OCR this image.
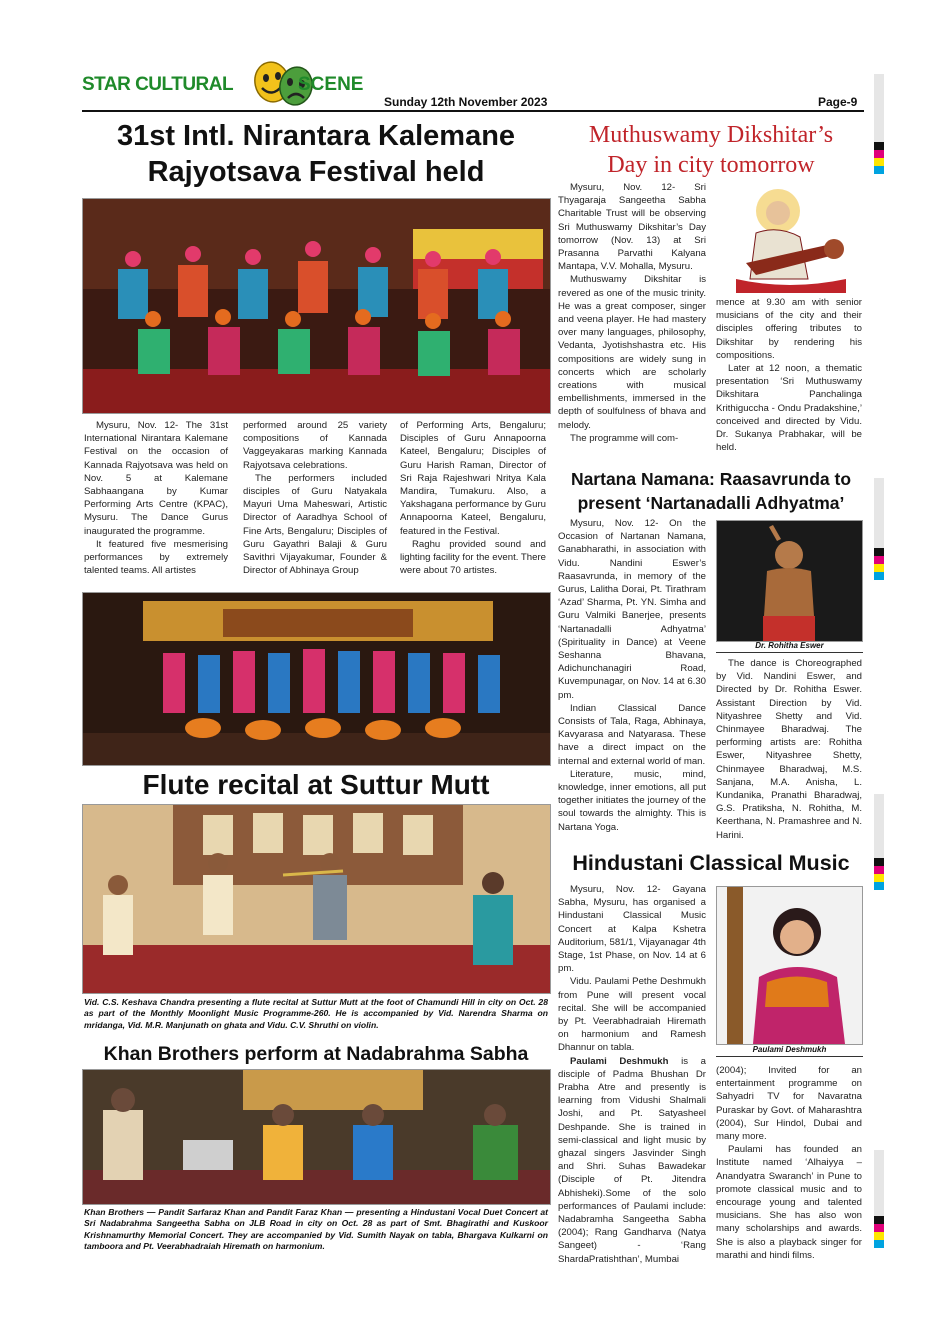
STAR CULTURAL	SCENE
Sunday 12th November 2023	Page-9
31st Intl. Nirantara Kalemane
Rajyotsava Festival held

Mysuru, Nov. 12- The 31st International Nirantara Kalemane Festival on the occasion of Kannada Rajyotsava was held on Nov. 5 at Kalemane Sabhaangana by Kumar Performing Arts Centre (KPAC), Mysuru. The Dance Gurus inaugurated the programme.

It featured five mesmerising performances by extremely talented teams. All artistes

performed around 25 variety compositions of Kannada Vaggeyakaras marking Kannada Rajyotsava celebrations.

The performers included disciples of Guru Natyakala Mayuri Uma Maheswari, Artistic Director of Aaradhya School of Fine Arts, Bengaluru; Disciples of Guru Gayathri Balaji & Guru Savithri Vijayakumar, Founder & Director of Abhinaya Group

of Performing Arts, Bengaluru; Disciples of Guru Annapoorna Kateel, Bengaluru; Disciples of Guru Harish Raman, Director of Sri Raja Rajeshwari Nritya Kala Mandira, Tumakuru. Also, a Yakshagana performance by Guru Annapoorna Kateel, Bengaluru, featured in the Festival.

Raghu provided sound and lighting facility for the event. There were about 70 artistes.

Flute recital at Suttur Mutt
Vid. C.S. Keshava Chandra presenting a flute recital at Suttur Mutt at the foot of Chamundi Hill in city on Oct. 28 as part of the Monthly Moonlight Music Programme-260. He is accompanied by Vid. Narendra Sharma on mridanga, Vid. M.R. Manjunath on ghata and Vidu. C.V. Shruthi on violin.
Khan Brothers perform at Nadabrahma Sabha
Khan Brothers — Pandit Sarfaraz Khan and Pandit Faraz Khan — presenting a Hindustani Vocal Duet Concert at Sri Nadabrahma Sangeetha Sabha on JLB Road in city on Oct. 28 as part of Smt. Bhagirathi and Kuskoor Krishnamurthy Memorial Concert. They are accompanied by Vid. Sumith Nayak on tabla, Bhargava Kulkarni on tamboora and Pt. Veerabhadraiah Hiremath on harmonium.
Muthuswamy Dikshitar’s
Day in city tomorrow

Mysuru, Nov. 12- Sri Thyagaraja Sangeetha Sabha Charitable Trust will be observing Sri Muthuswamy Dikshitar’s Day tomorrow (Nov. 13) at Sri Prasanna Parvathi Kalyana Mantapa, V.V. Mohalla, Mysuru.

Muthuswamy Dikshitar is revered as one of the music trinity. He was a great composer, singer and veena player. He had mastery over many languages, philosophy, Vedanta, Jyotishshastra etc. His compositions are widely sung in concerts which are scholarly creations with musical embellishments, immersed in the depth of soulfulness of bhava and melody.

The programme will com-

mence at 9.30 am with senior musicians of the city and their disciples offering tributes to Dikshitar by rendering his compositions.

Later at 12 noon, a thematic presentation ‘Sri Muthuswamy Dikshitara Panchalinga Krithiguccha - Ondu Pradakshine,’ conceived and directed by Vidu. Dr. Sukanya Prabhakar, will be held.

Nartana Namana: Raasavrunda to
present ‘Nartanadalli Adhyatma’

Mysuru, Nov. 12- On the Occasion of Nartanan Namana, Ganabharathi, in association with Vidu. Nandini Eswer’s Raasavrunda, in memory of the Gurus, Lalitha Dorai, Pt. Tirathram ‘Azad’ Sharma, Pt. YN. Simha and Guru Valmiki Banerjee, presents ‘Nartanadalli Adhyatma’ (Spirituality in Dance) at Veene Seshanna Bhavana, Adichunchanagiri Road, Kuvempunagar, on Nov. 14 at 6.30 pm.

Indian Classical Dance Consists of Tala, Raga, Abhinaya, Kavyarasa and Natyarasa. These have a direct impact on the internal and external world of man.

Literature, music, mind, knowledge, inner emotions, all put together initiates the journey of the soul towards the almighty. This is Nartana Yoga.

Dr. Rohitha Eswer

The dance is Choreographed by Vid. Nandini Eswer, and Directed by Dr. Rohitha Eswer. Assistant Direction by Vid. Nityashree Shetty and Vid. Chinmayee Bharadwaj. The performing artists are: Rohitha Eswer, Nityashree Shetty, Chinmayee Bharadwaj, M.S. Sanjana, M.A. Anisha, L. Kundanika, Pranathi Bharadwaj, G.S. Pratiksha, N. Rohitha, M. Keerthana, N. Pramashree and N. Harini.

Hindustani Classical Music

Mysuru, Nov. 12- Gayana Sabha, Mysuru, has organised a Hindustani Classical Music Concert at Kalpa Kshetra Auditorium, 581/1, Vijayanagar 4th Stage, 1st Phase, on Nov. 14 at 6 pm.

Vidu. Paulami Pethe Deshmukh from Pune will present vocal recital. She will be accompanied by Pt. Veerabhadraiah Hiremath on harmonium and Ramesh Dhannur on tabla.

Paulami Deshmukh is a disciple of Padma Bhushan Dr Prabha Atre and presently is learning from Vidushi Shalmali Joshi, and Pt. Satyasheel Deshpande. She is trained in semi-classical and light music by ghazal singers Jasvinder Singh and Shri. Suhas Bawadekar (Disciple of Pt. Jitendra Abhisheki).Some of the solo performances of Paulami include: Nadabramha Sangeetha Sabha (2004); Rang Gandharva (Natya Sangeet) - ‘Rang ShardaPratishthan’, Mumbai

Paulami Deshmukh

(2004); Invited for an entertainment programme on Sahyadri TV for Navaratna Puraskar by Govt. of Maharashtra (2004), Sur Hindol, Dubai and many more.

Paulami has founded an Institute named ‘Alhaiyya – Anandyatra Swaranch’ in Pune to promote classical music and to encourage young and talented musicians. She has also won many scholarships and awards. She is also a playback singer for marathi and hindi films.
